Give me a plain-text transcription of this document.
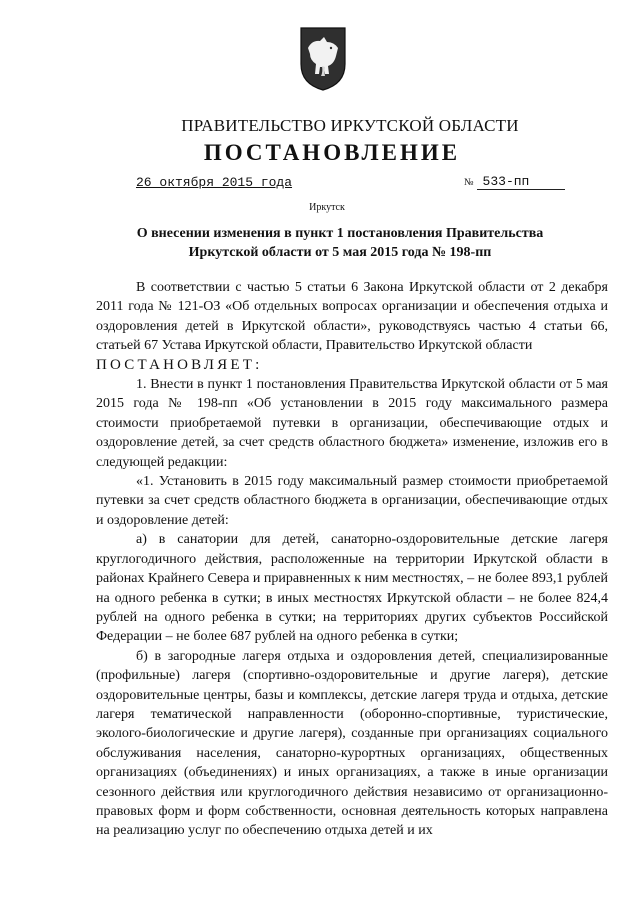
ПРАВИТЕЛЬСТВО ИРКУТСКОЙ ОБЛАСТИ
ПОСТАНОВЛЕНИЕ
26 октября 2015 года	№ 533-пп
Иркутск
О внесении изменения в пункт 1 постановления Правительства
Иркутской области от 5 мая 2015 года № 198-пп

В соответствии с частью 5 статьи 6 Закона Иркутской области от 2 декабря 2011 года № 121-ОЗ «Об отдельных вопросах организации и обеспечения отдыха и оздоровления детей в Иркутской области», руководствуясь частью 4 статьи 66, статьей 67 Устава Иркутской области, Правительство Иркутской области

ПОСТАНОВЛЯЕТ:

1. Внести в пункт 1 постановления Правительства Иркутской области от 5 мая 2015 года № 198-пп «Об установлении в 2015 году максимального размера стоимости приобретаемой путевки в организации, обеспечивающие отдых и оздоровление детей, за счет средств областного бюджета» изменение, изложив его в следующей редакции:

«1. Установить в 2015 году максимальный размер стоимости приобретаемой путевки за счет средств областного бюджета в организации, обеспечивающие отдых и оздоровление детей:

а) в санатории для детей, санаторно-оздоровительные детские лагеря круглогодичного действия, расположенные на территории Иркутской области в районах Крайнего Севера и приравненных к ним местностях, – не более 893,1 рублей на одного ребенка в сутки; в иных местностях Иркутской области – не более 824,4 рублей на одного ребенка в сутки; на территориях других субъектов Российской Федерации – не более 687 рублей на одного ребенка в сутки;

б) в загородные лагеря отдыха и оздоровления детей, специализированные (профильные) лагеря (спортивно-оздоровительные и другие лагеря), детские оздоровительные центры, базы и комплексы, детские лагеря труда и отдыха, детские лагеря тематической направленности (оборонно-спортивные, туристические, эколого-биологические и другие лагеря), созданные при организациях социального обслуживания населения, санаторно-курортных организациях, общественных организациях (объединениях) и иных организациях, а также в иные организации сезонного действия или круглогодичного действия независимо от организационно-правовых форм и форм собственности, основная деятельность которых направлена на реализацию услуг по обеспечению отдыха детей и их
